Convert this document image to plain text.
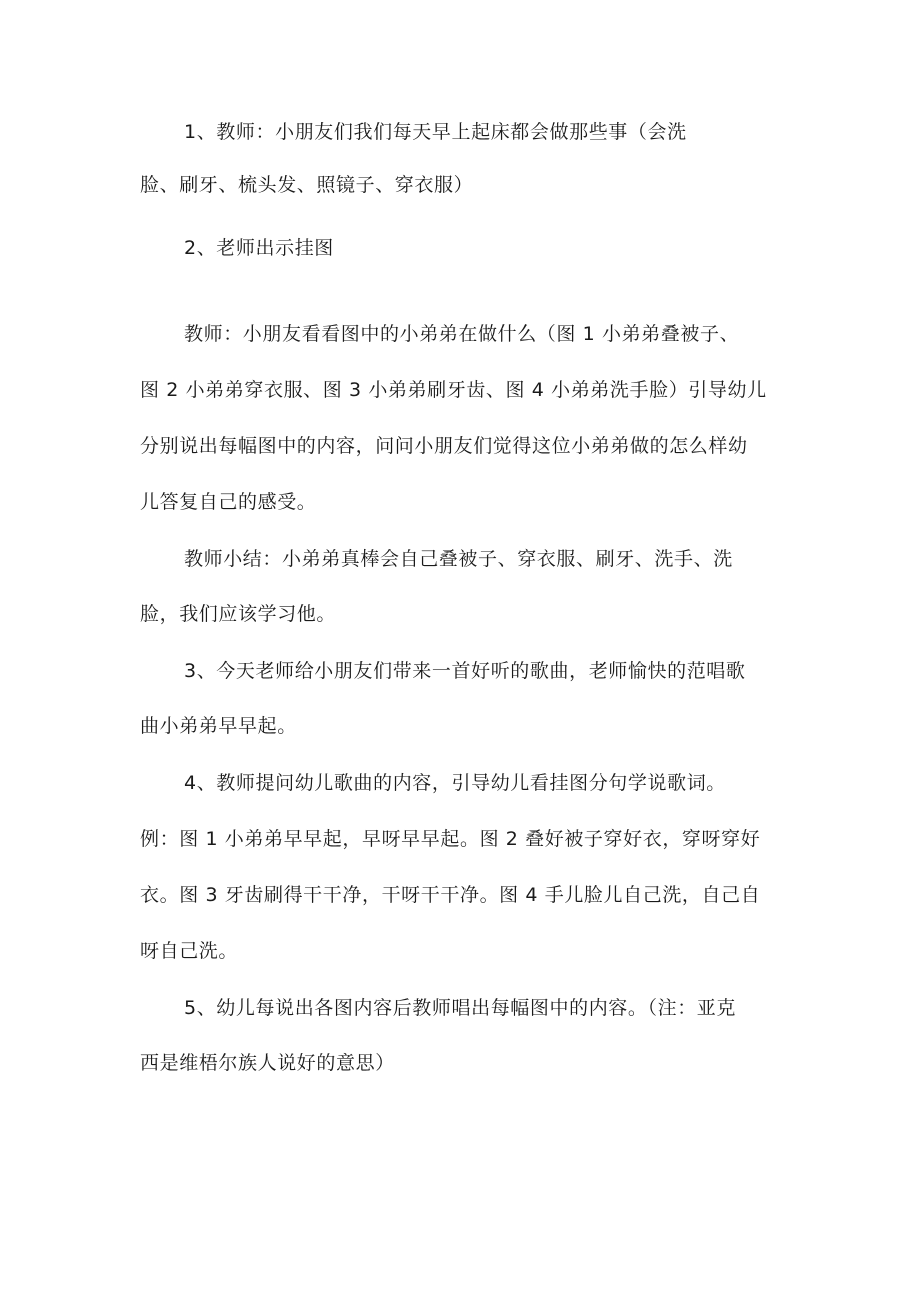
1、教师：小朋友们我们每天早上起床都会做那些事（会洗

脸、刷牙、梳头发、照镜子、穿衣服）

2、老师出示挂图

教师：小朋友看看图中的小弟弟在做什么（图 1 小弟弟叠被子、

图 2 小弟弟穿衣服、图 3 小弟弟刷牙齿、图 4 小弟弟洗手脸）引导幼儿

分别说出每幅图中的内容，问问小朋友们觉得这位小弟弟做的怎么样幼

儿答复自己的感受。

教师小结：小弟弟真棒会自己叠被子、穿衣服、刷牙、洗手、洗

脸，我们应该学习他。

3、今天老师给小朋友们带来一首好听的歌曲，老师愉快的范唱歌

曲小弟弟早早起。

4、教师提问幼儿歌曲的内容，引导幼儿看挂图分句学说歌词。

例：图 1 小弟弟早早起，早呀早早起。图 2 叠好被子穿好衣，穿呀穿好

衣。图 3 牙齿刷得干干净，干呀干干净。图 4 手儿脸儿自己洗，自己自

呀自己洗。

5、幼儿每说出各图内容后教师唱出每幅图中的内容。（注：亚克

西是维梧尔族人说好的意思）
